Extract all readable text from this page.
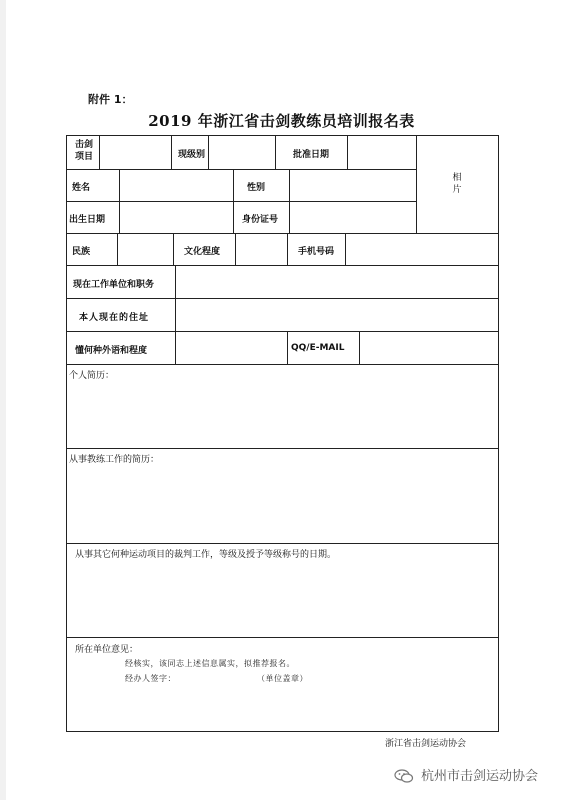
附件 1：
2019 年浙江省击剑教练员培训报名表
击剑
项目	现级别	批准日期
相
片
姓名	性别
出生日期	身份证号
民族	文化程度	手机号码
现在工作单位和职务
本人现在的住址
懂何种外语和程度	QQ/E-MAIL
个人简历：
从事教练工作的简历：
从事其它何种运动项目的裁判工作，等级及授予等级称号的日期。
所在单位意见：
经核实，该同志上述信息属实，拟推荐报名。
经办人签字：	（单位盖章）
浙江省击剑运动协会
杭州市击剑运动协会
